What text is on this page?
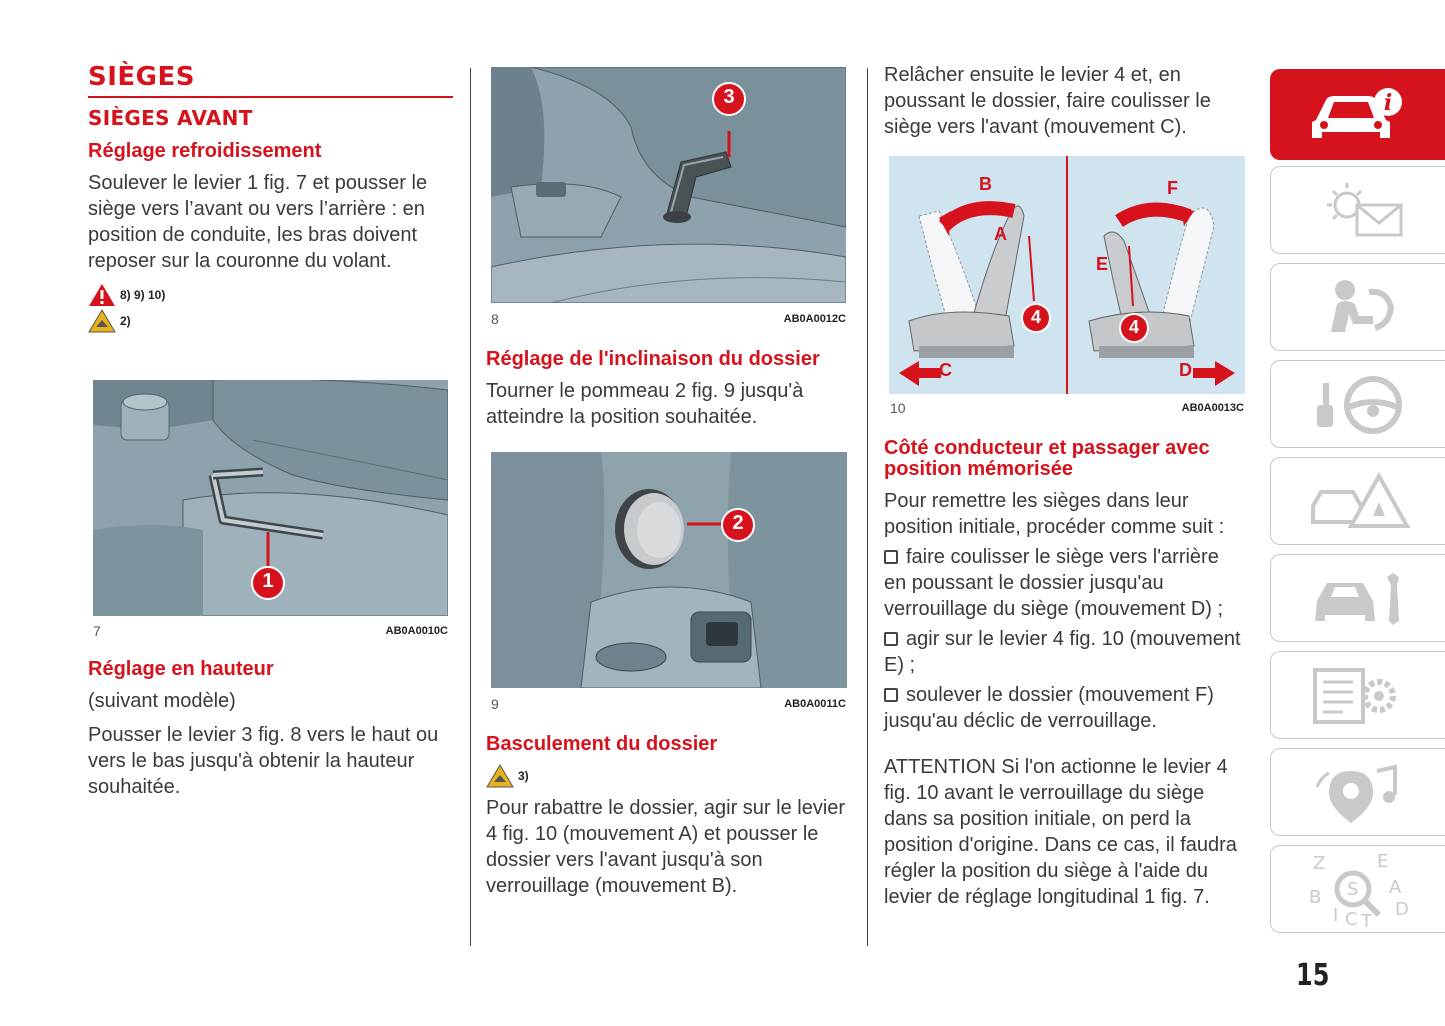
SIÈGES
SIÈGES AVANT
Réglage refroidissement

Soulever le levier 1 fig. 7 et pousser le siège vers l’avant ou vers l’arrière : en position de conduite, les bras doivent reposer sur la couronne du volant.

8) 9) 10)
2)
1
7	AB0A0010C
Réglage en hauteur

(suivant modèle)

Pousser le levier 3 fig. 8 vers le haut ou vers le bas jusqu'à obtenir la hauteur souhaitée.

3
8	AB0A0012C
Réglage de l'inclinaison du dossier

Tourner le pommeau 2 fig. 9 jusqu'à atteindre la position souhaitée.

2
9	AB0A0011C
Basculement du dossier
3)

Pour rabattre le dossier, agir sur le levier 4 fig. 10 (mouvement A) et pousser le dossier vers l'avant jusqu'à son verrouillage (mouvement B).

Relâcher ensuite le levier 4 et, en poussant le dossier, faire coulisser le siège vers l'avant (mouvement C).

B
A
C
4
F
E
D
4
10	AB0A0013C
Côté conducteur et passager avec position mémorisée

Pour remettre les sièges dans leur position initiale, procéder comme suit :

faire coulisser le siège vers l'arrière en poussant le dossier jusqu'au verrouillage du siège (mouvement D) ;

agir sur le levier 4 fig. 10 (mouvement E) ;

soulever le dossier (mouvement F) jusqu'au déclic de verrouillage.

ATTENTION Si l'on actionne le levier 4 fig. 10 avant le verrouillage du siège dans sa position initiale, on perd la position d'origine. Dans ce cas, il faudra régler la position du siège à l'aide du levier de réglage longitudinal 1 fig. 7.

i
Z	E
B S A
I C T
D
15
